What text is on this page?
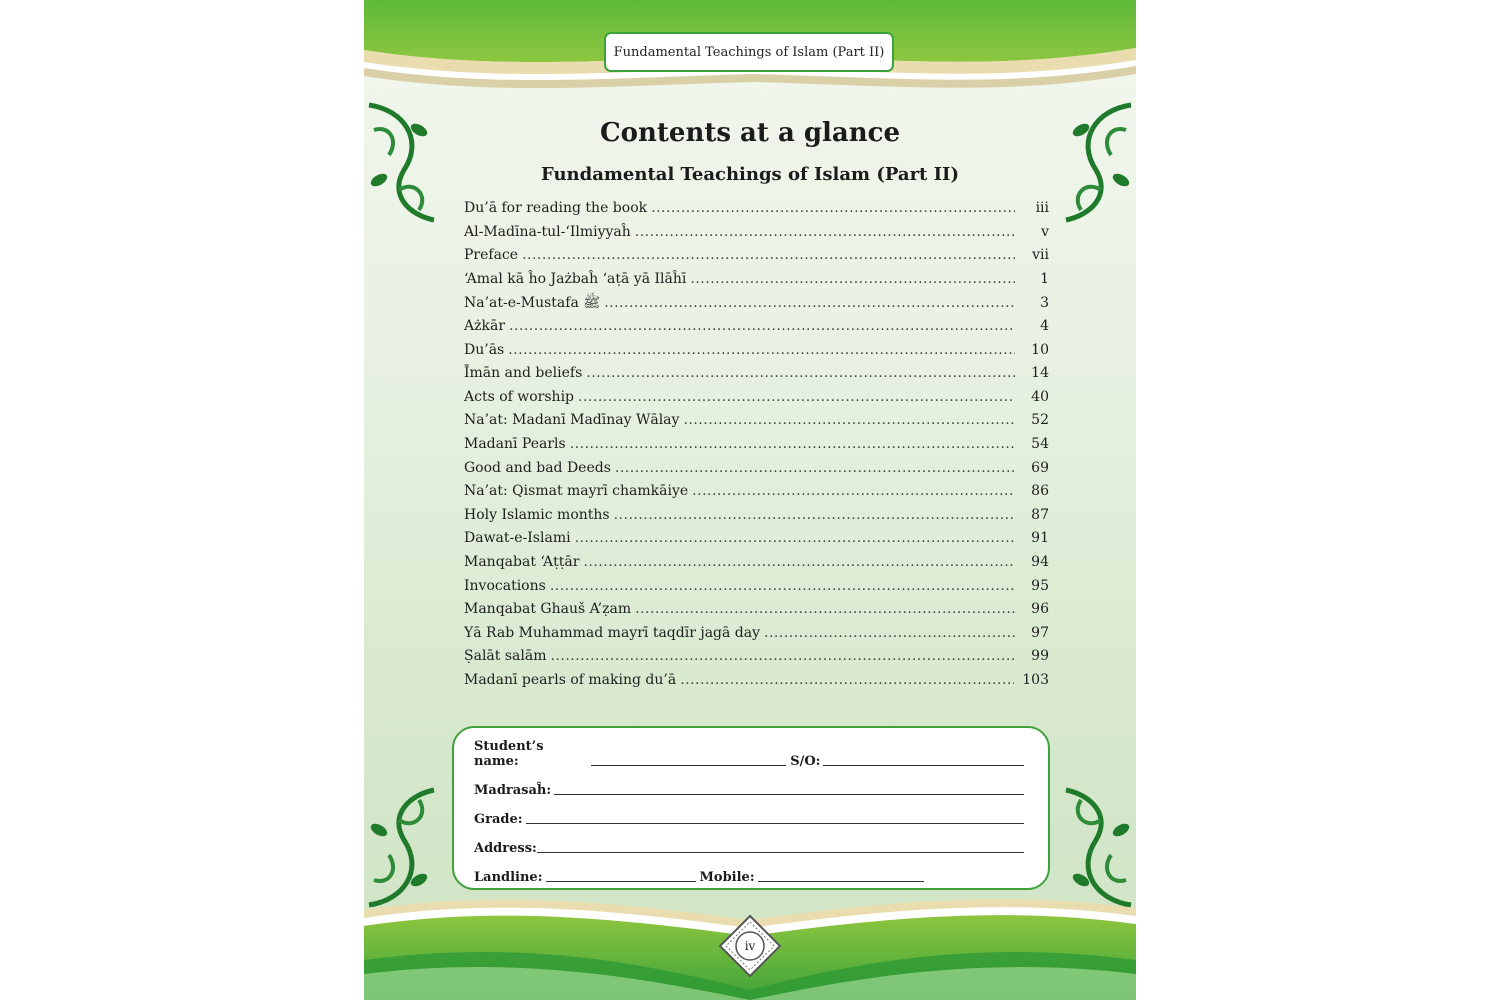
Fundamental Teachings of Islam (Part II)
Contents at a glance
Fundamental Teachings of Islam (Part II)
Du’ā for reading the book .....	iii
Al-Madīna-tul-‘Ilmiyyaĥ .....	v
Preface .....	vii
‘Amal kā ĥo Jażbaĥ ‘aṭā yā Ilāĥī .....	1
Na’at-e-Mustafa ﷺ .....	3
Ażkār .....	4
Du’ās .....	10
Īmān and beliefs .....	14
Acts of worship .....	40
Na’at: Madanī Madīnay Wālay .....	52
Madanī Pearls .....	54
Good and bad Deeds .....	69
Na’at: Qismat mayrī chamkāiye .....	86
Holy Islamic months .....	87
Dawat-e-Islami .....	91
Manqabat ‘Aṭṭār .....	94
Invocations .....	95
Manqabat Ghauš A’ẓam .....	96
Yā Rab Muhammad mayrī taqdīr jagā day .....	97
Ṣalāt salām .....	99
Madanī pearls of making du’ā .....	103
Student’s name:	S/O:
Madrasaĥ:
Grade:
Address:
Landline:	Mobile:
iv
